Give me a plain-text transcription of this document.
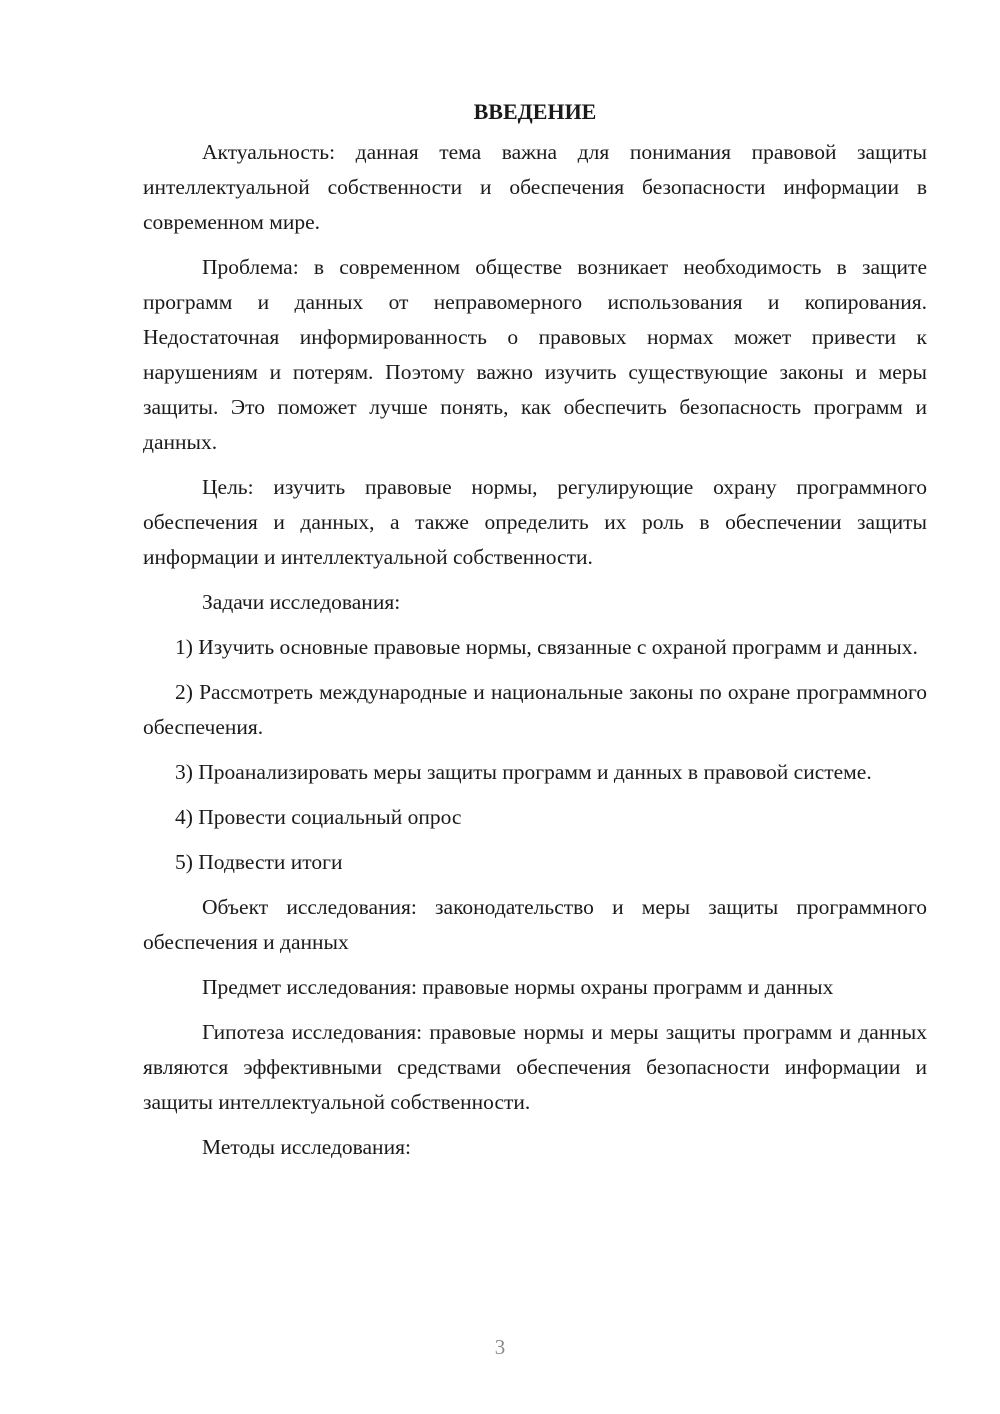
ВВЕДЕНИЕ

Актуальность: данная тема важна для понимания правовой защиты интеллектуальной собственности и обеспечения безопасности информации в современном мире.

Проблема: в современном обществе возникает необходимость в защите программ и данных от неправомерного использования и копирования. Недостаточная информированность о правовых нормах может привести к нарушениям и потерям. Поэтому важно изучить существующие законы и меры защиты. Это поможет лучше понять, как обеспечить безопасность программ и данных.

Цель: изучить правовые нормы, регулирующие охрану программного обеспечения и данных, а также определить их роль в обеспечении защиты информации и интеллектуальной собственности.

Задачи исследования:

1) Изучить основные правовые нормы, связанные с охраной программ и данных.

2) Рассмотреть международные и национальные законы по охране программного обеспечения.

3) Проанализировать меры защиты программ и данных в правовой системе.

4) Провести социальный опрос

5) Подвести итоги

Объект исследования: законодательство и меры защиты программного обеспечения и данных

Предмет исследования: правовые нормы охраны программ и данных

Гипотеза исследования: правовые нормы и меры защиты программ и данных являются эффективными средствами обеспечения безопасности информации и защиты интеллектуальной собственности.

Методы исследования:

3
